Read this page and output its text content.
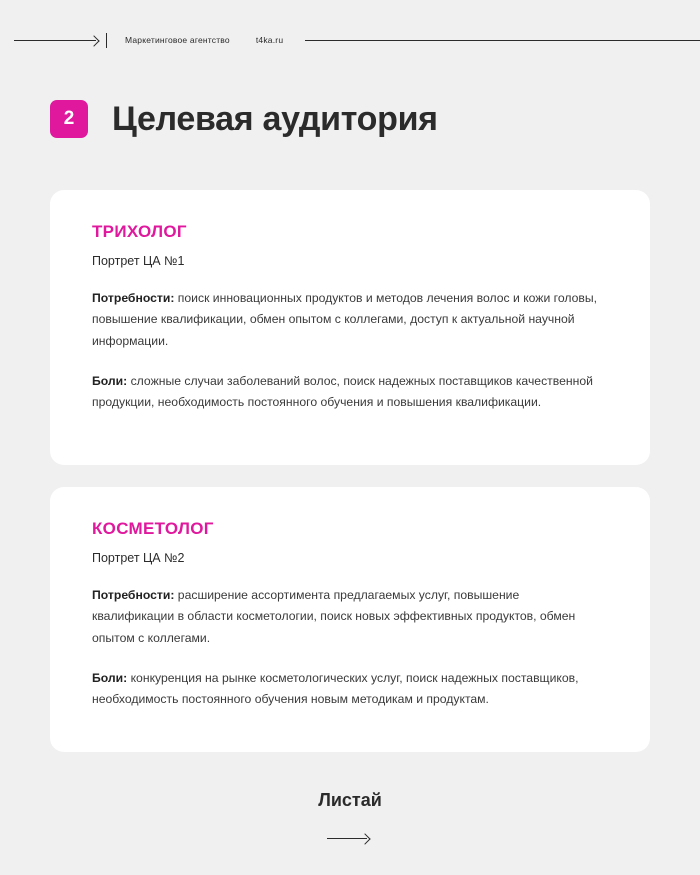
Маркетинговое агентство	t4ka.ru
2	Целевая аудитория
ТРИХОЛОГ
Портрет ЦА №1

Потребности: поиск инновационных продуктов и методов лечения волос и кожи головы, повышение квалификации, обмен опытом с коллегами, доступ к актуальной научной информации.

Боли: сложные случаи заболеваний волос, поиск надежных поставщиков качественной продукции, необходимость постоянного обучения и повышения квалификации.

КОСМЕТОЛОГ
Портрет ЦА №2

Потребности: расширение ассортимента предлагаемых услуг, повышение квалификации в области косметологии, поиск новых эффективных продуктов, обмен опытом с коллегами.

Боли: конкуренция на рынке косметологических услуг, поиск надежных поставщиков, необходимость постоянного обучения новым методикам и продуктам.

Листай
